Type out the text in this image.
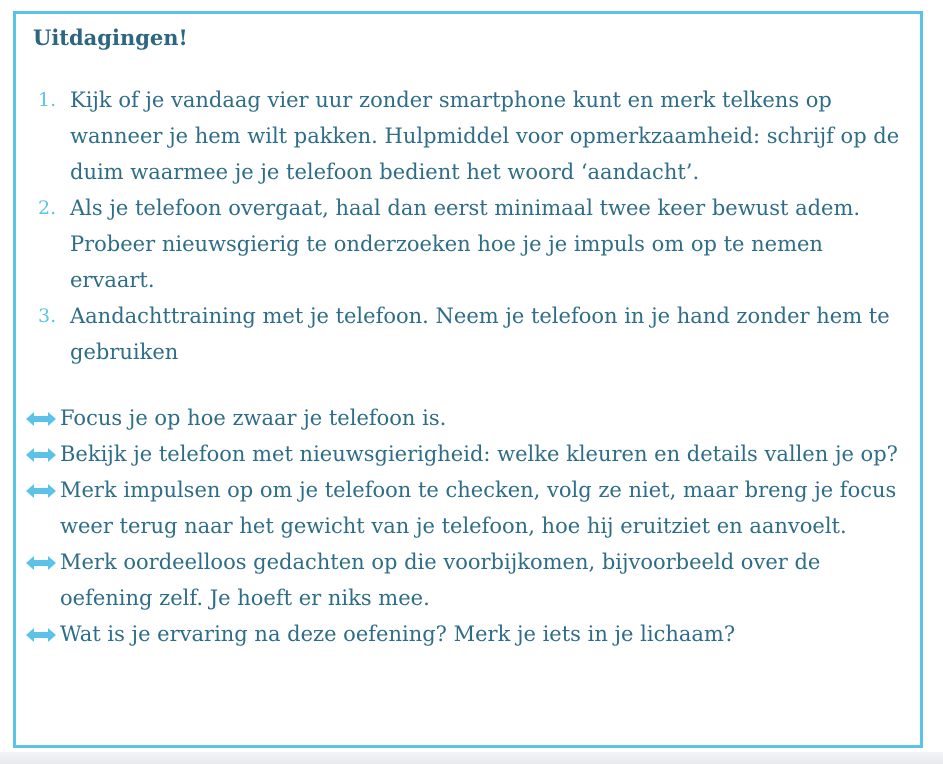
Uitdagingen!
1. Kijk of je vandaag vier uur zonder smartphone kunt en merk telkens op wanneer je hem wilt pakken. Hulpmiddel voor opmerkzaamheid: schrijf op de duim waarmee je je telefoon bedient het woord ‘aandacht’.
2. Als je telefoon overgaat, haal dan eerst minimaal twee keer bewust adem. Probeer nieuwsgierig te onderzoeken hoe je je impuls om op te nemen ervaart.
3. Aandachttraining met je telefoon. Neem je telefoon in je hand zonder hem te gebruiken
Focus je op hoe zwaar je telefoon is.
Bekijk je telefoon met nieuwsgierigheid: welke kleuren en details vallen je op?
Merk impulsen op om je telefoon te checken, volg ze niet, maar breng je focus weer terug naar het gewicht van je telefoon, hoe hij eruitziet en aanvoelt.
Merk oordeelloos gedachten op die voorbijkomen, bijvoorbeeld over de oefening zelf. Je hoeft er niks mee.
Wat is je ervaring na deze oefening? Merk je iets in je lichaam?
